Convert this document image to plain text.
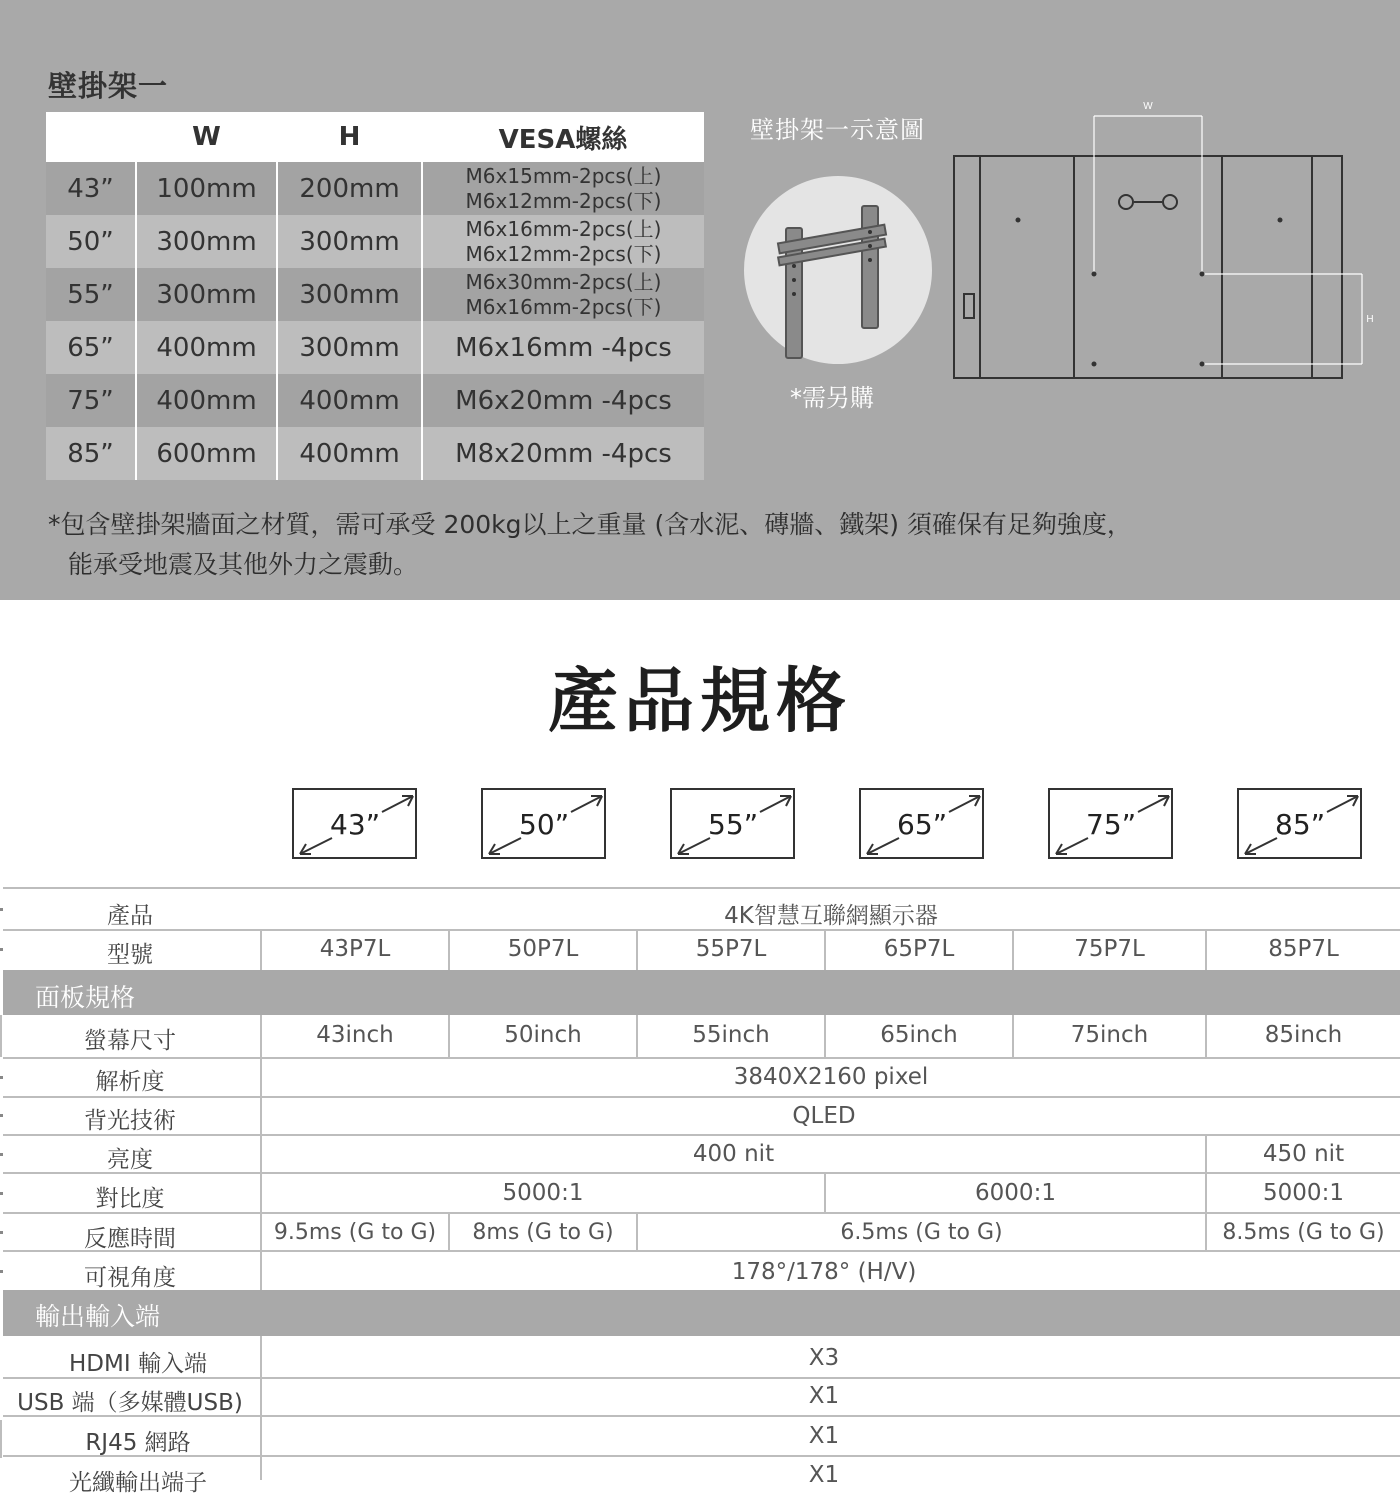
壁掛架一
	W	H	VESA螺絲
43”	100mm	200mm	M6x15mm-2pcs(上)
M6x12mm-2pcs(下)
50”	300mm	300mm	M6x16mm-2pcs(上)
M6x12mm-2pcs(下)
55”	300mm	300mm	M6x30mm-2pcs(上)
M6x16mm-2pcs(下)
65”	400mm	300mm	M6x16mm -4pcs
75”	400mm	400mm	M6x20mm -4pcs
85”	600mm	400mm	M8x20mm -4pcs
壁掛架一示意圖
*需另購
W
H
*包含壁掛架牆面之材質，需可承受 200kg以上之重量 (含水泥、磚牆、鐵架) 須確保有足夠強度，
能承受地震及其他外力之震動。
產品規格
43”	50”	55”	65”	75”	85”
面板規格
輸出輸入端
產品	4K智慧互聯網顯示器
型號	43P7L	50P7L	55P7L	65P7L	75P7L	85P7L
螢幕尺寸	43inch	50inch	55inch	65inch	75inch	85inch
解析度	3840X2160 pixel
背光技術	QLED
亮度	400 nit	450 nit
對比度	5000:1	6000:1	5000:1
反應時間	9.5ms (G to G)	8ms (G to G)	6.5ms (G to G)	8.5ms (G to G)
可視角度	178°/178° (H/V)
HDMI 輸入端	X3
USB 端（多媒體USB)	X1
RJ45 網路	X1
光纖輸出端子	X1
